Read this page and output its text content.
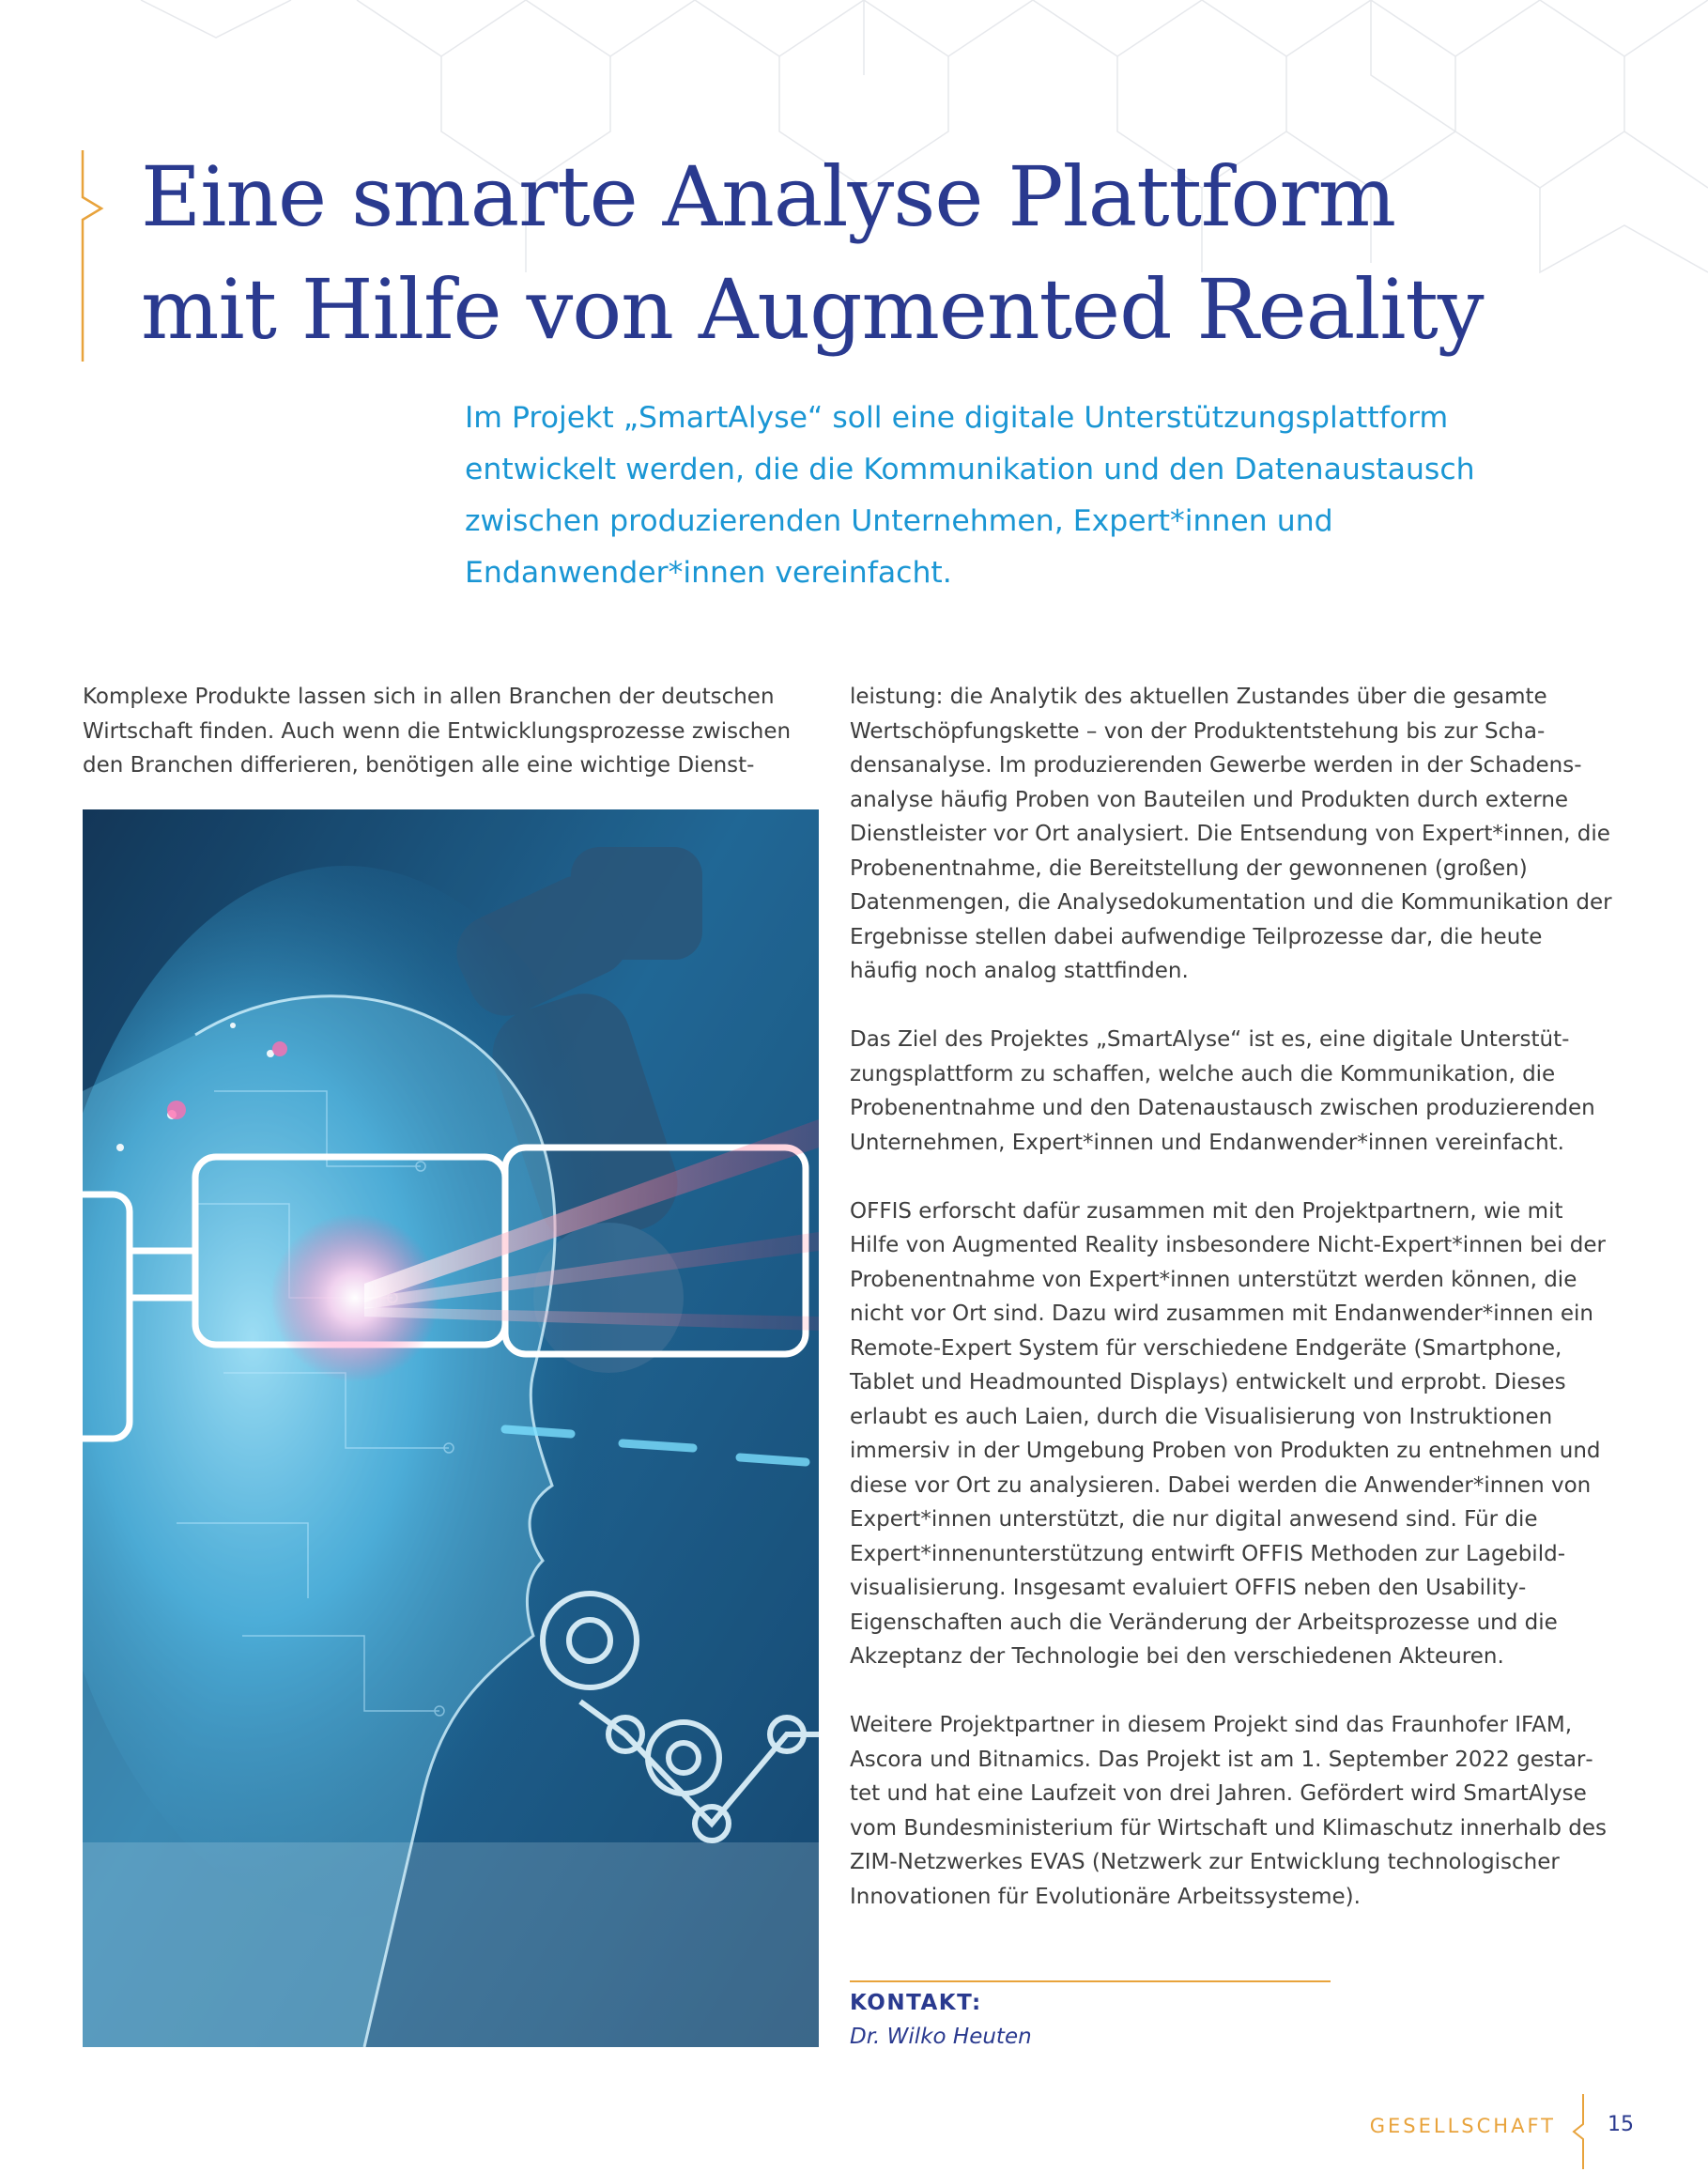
Eine smarte Analyse Plattform
mit Hilfe von Augmented Reality

Im Projekt „SmartAlyse“ soll eine digitale Unterstützungsplattform entwickelt werden, die die Kommunikation und den Datenaustausch zwischen produzierenden Unternehmen, Expert*innen und Endanwender*innen vereinfacht.

Komplexe Produkte lassen sich in allen Branchen der deutschen Wirtschaft finden. Auch wenn die Entwicklungsprozesse zwischen den Branchen differieren, benötigen alle eine wichtige Dienst-

leistung: die Analytik des aktuellen Zustandes über die gesamte Wertschöpfungskette – von der Produktentstehung bis zur Schadensanalyse. Im produzierenden Gewerbe werden in der Schadensanalyse häufig Proben von Bauteilen und Produkten durch externe Dienstleister vor Ort analysiert. Die Entsendung von Expert*innen, die Probenentnahme, die Bereitstellung der gewonnenen (großen) Datenmengen, die Analysedokumentation und die Kommunikation der Ergebnisse stellen dabei aufwendige Teilprozesse dar, die heute häufig noch analog stattfinden.

Das Ziel des Projektes „SmartAlyse“ ist es, eine digitale Unterstützungsplattform zu schaffen, welche auch die Kommunikation, die Probenentnahme und den Datenaustausch zwischen produzierenden Unternehmen, Expert*innen und Endanwender*innen vereinfacht.

OFFIS erforscht dafür zusammen mit den Projektpartnern, wie mit Hilfe von Augmented Reality insbesondere Nicht-Expert*innen bei der Probenentnahme von Expert*innen unterstützt werden können, die nicht vor Ort sind. Dazu wird zusammen mit Endanwender*innen ein Remote-Expert System für verschiedene Endgeräte (Smartphone, Tablet und Headmounted Displays) entwickelt und erprobt. Dieses erlaubt es auch Laien, durch die Visualisierung von Instruktionen immersiv in der Umgebung Proben von Produkten zu entnehmen und diese vor Ort zu analysieren. Dabei werden die Anwender*innen von Expert*innen unterstützt, die nur digital anwesend sind. Für die Expert*innenunterstützung entwirft OFFIS Methoden zur Lagebildvisualisierung. Insgesamt evaluiert OFFIS neben den Usability-Eigenschaften auch die Veränderung der Arbeitsprozesse und die Akzeptanz der Technologie bei den verschiedenen Akteuren.

Weitere Projektpartner in diesem Projekt sind das Fraunhofer IFAM, Ascora und Bitnamics. Das Projekt ist am 1. September 2022 gestartet und hat eine Laufzeit von drei Jahren. Gefördert wird SmartAlyse vom Bundesministerium für Wirtschaft und Klimaschutz innerhalb des ZIM-Netzwerkes EVAS (Netzwerk zur Entwicklung technologischer Innovationen für Evolutionäre Arbeitssysteme).

KONTAKT:
Dr. Wilko Heuten
GESELLSCHAFT	15
